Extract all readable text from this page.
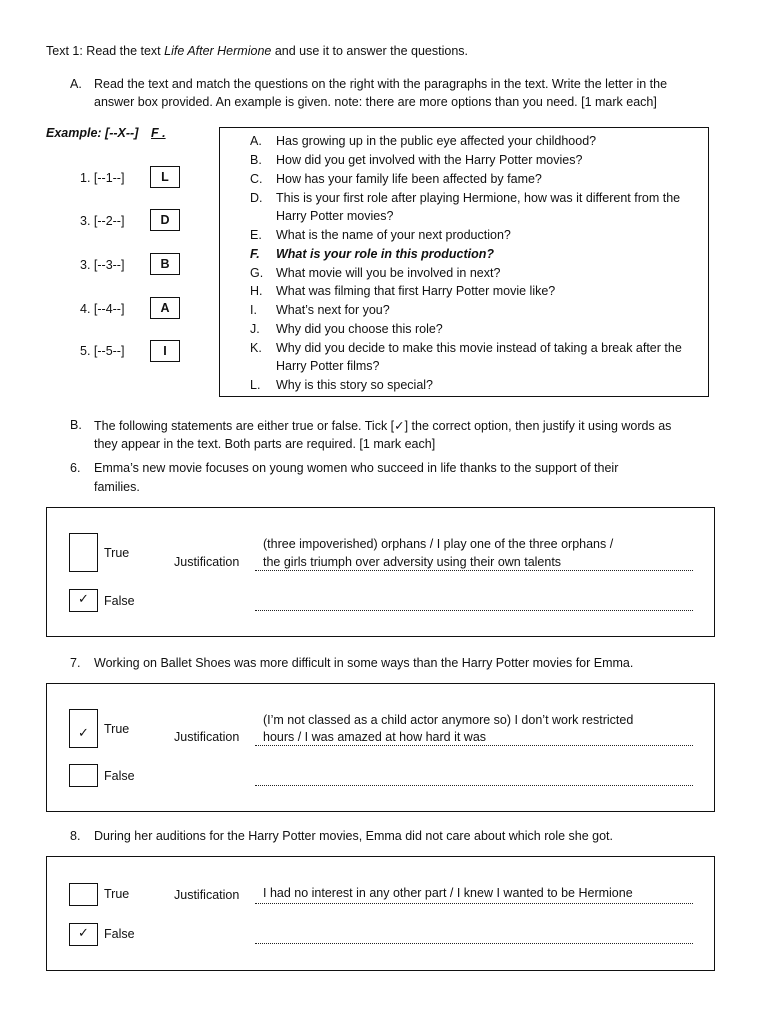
Text 1: Read the text Life After Hermione and use it to answer the questions.
A. Read the text and match the questions on the right with the paragraphs in the text. Write the letter in the
answer box provided. An example is given. note: there are more options than you need. [1 mark each]
Example: [--X--]	F .
1. [--1--]	L
3. [--2--]	D
3. [--3--]	B
4. [--4--]	A
5. [--5--]	I
A. Has growing up in the public eye affected your childhood?
B. How did you get involved with the Harry Potter movies?
C. How has your family life been affected by fame?
D. This is your first role after playing Hermione, how was it different from the
Harry Potter movies?
E. What is the name of your next production?
F. What is your role in this production?
G. What movie will you be involved in next?
H. What was filming that first Harry Potter movie like?
I. What’s next for you?
J. Why did you choose this role?
K. Why did you decide to make this movie instead of taking a break after the
Harry Potter films?
L. Why is this story so special?
B. The following statements are either true or false. Tick [✓] the correct option, then justify it using words as
they appear in the text. Both parts are required. [1 mark each]
6. Emma’s new movie focuses on young women who succeed in life thanks to the support of their
families.
True
✓	False
Justification
(three impoverished) orphans / I play one of the three orphans /
the girls triumph over adversity using their own talents
7. Working on Ballet Shoes was more difficult in some ways than the Harry Potter movies for Emma.
✓	True
False
Justification
(I’m not classed as a child actor anymore so) I don’t work restricted
hours / I was amazed at how hard it was
8. During her auditions for the Harry Potter movies, Emma did not care about which role she got.
True
✓	False
Justification I had no interest in any other part / I knew I wanted to be Hermione
